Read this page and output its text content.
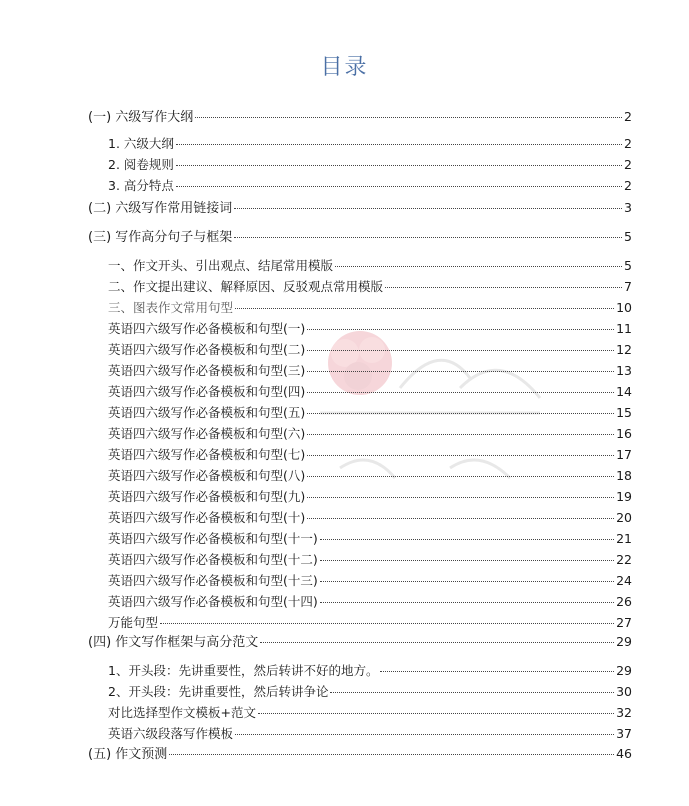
目录
(一) 六级写作大纲	2
1. 六级大纲	2
2. 阅卷规则	2
3. 高分特点	2
(二) 六级写作常用链接词	3
(三) 写作高分句子与框架	5
一、作文开头、引出观点、结尾常用模版	5
二、作文提出建议、解释原因、反驳观点常用模版	7
三、图表作文常用句型	10
英语四六级写作必备模板和句型(一)	11
英语四六级写作必备模板和句型(二)	12
英语四六级写作必备模板和句型(三)	13
英语四六级写作必备模板和句型(四)	14
英语四六级写作必备模板和句型(五)	15
英语四六级写作必备模板和句型(六)	16
英语四六级写作必备模板和句型(七)	17
英语四六级写作必备模板和句型(八)	18
英语四六级写作必备模板和句型(九)	19
英语四六级写作必备模板和句型(十)	20
英语四六级写作必备模板和句型(十一)	21
英语四六级写作必备模板和句型(十二)	22
英语四六级写作必备模板和句型(十三)	24
英语四六级写作必备模板和句型(十四)	26
万能句型	27
(四) 作文写作框架与高分范文	29
1、开头段：先讲重要性，然后转讲不好的地方。	29
2、开头段：先讲重要性，然后转讲争论	30
对比选择型作文模板+范文	32
英语六级段落写作模板	37
(五) 作文预测	46
